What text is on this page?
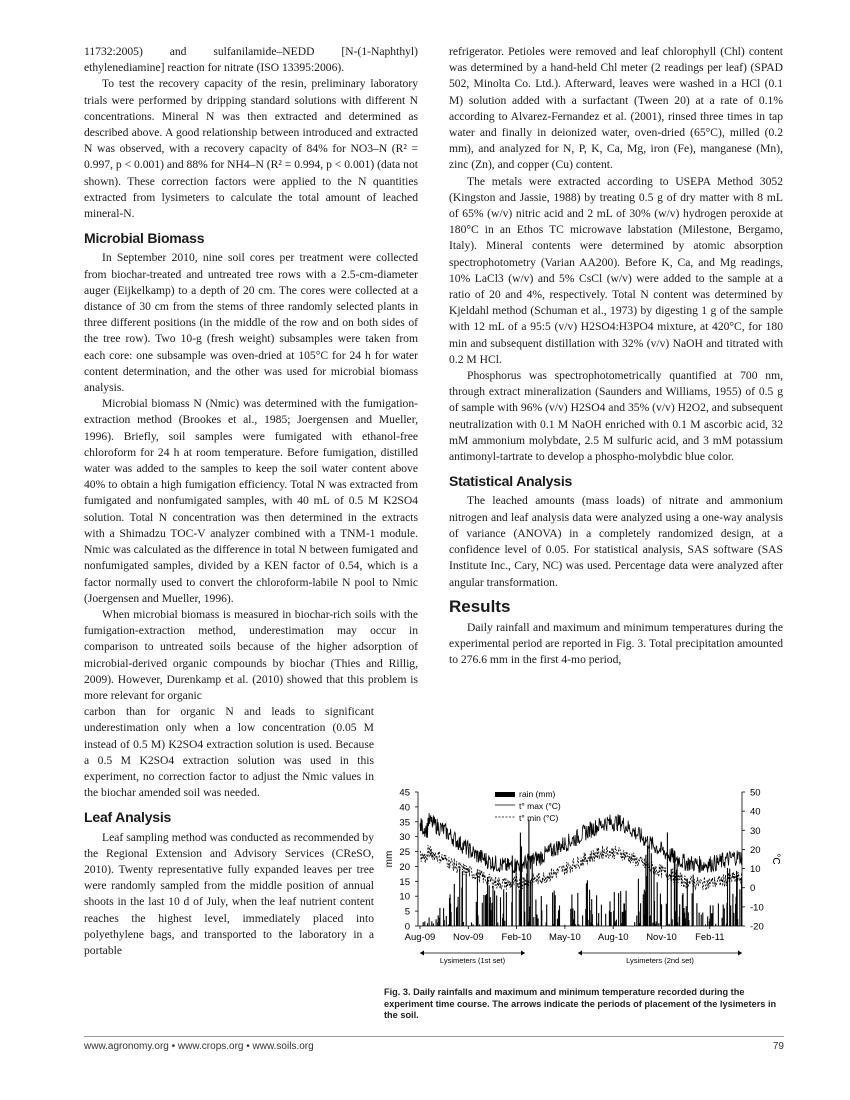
11732:2005) and sulfanilamide–NEDD [N-(1-Naphthyl) ethylenediamine] reaction for nitrate (ISO 13395:2006).

To test the recovery capacity of the resin, preliminary laboratory trials were performed by dripping standard solutions with different N concentrations. Mineral N was then extracted and determined as described above. A good relationship between introduced and extracted N was observed, with a recovery capacity of 84% for NO3–N (R² = 0.997, p < 0.001) and 88% for NH4–N (R² = 0.994, p < 0.001) (data not shown). These correction factors were applied to the N quantities extracted from lysimeters to calculate the total amount of leached mineral-N.

Microbial Biomass

In September 2010, nine soil cores per treatment were collected from biochar-treated and untreated tree rows with a 2.5-cm-diameter auger (Eijkelkamp) to a depth of 20 cm. The cores were collected at a distance of 30 cm from the stems of three randomly selected plants in three different positions (in the middle of the row and on both sides of the tree row). Two 10-g (fresh weight) subsamples were taken from each core: one subsample was oven-dried at 105°C for 24 h for water content determination, and the other was used for microbial biomass analysis.

Microbial biomass N (Nmic) was determined with the fumigation-extraction method (Brookes et al., 1985; Joergensen and Mueller, 1996). Briefly, soil samples were fumigated with ethanol-free chloroform for 24 h at room temperature. Before fumigation, distilled water was added to the samples to keep the soil water content above 40% to obtain a high fumigation efficiency. Total N was extracted from fumigated and nonfumigated samples, with 40 mL of 0.5 M K2SO4 solution. Total N concentration was then determined in the extracts with a Shimadzu TOC-V analyzer combined with a TNM-1 module. Nmic was calculated as the difference in total N between fumigated and nonfumigated samples, divided by a KEN factor of 0.54, which is a factor normally used to convert the chloroform-labile N pool to Nmic (Joergensen and Mueller, 1996).

When microbial biomass is measured in biochar-rich soils with the fumigation-extraction method, underestimation may occur in comparison to untreated soils because of the higher adsorption of microbial-derived organic compounds by biochar (Thies and Rillig, 2009). However, Durenkamp et al. (2010) showed that this problem is more relevant for organic

carbon than for organic N and leads to significant underestimation only when a low concentration (0.05 M instead of 0.5 M) K2SO4 extraction solution is used. Because a 0.5 M K2SO4 extraction solution was used in this experiment, no correction factor to adjust the Nmic values in the biochar amended soil was needed.

Leaf Analysis

Leaf sampling method was conducted as recommended by the Regional Extension and Advisory Services (CReSO, 2010). Twenty representative fully expanded leaves per tree were randomly sampled from the middle position of annual shoots in the last 10 d of July, when the leaf nutrient content reaches the highest level, immediately placed into polyethylene bags, and transported to the laboratory in a portable

refrigerator. Petioles were removed and leaf chlorophyll (Chl) content was determined by a hand-held Chl meter (2 readings per leaf) (SPAD 502, Minolta Co. Ltd.). Afterward, leaves were washed in a HCl (0.1 M) solution added with a surfactant (Tween 20) at a rate of 0.1% according to Alvarez-Fernandez et al. (2001), rinsed three times in tap water and finally in deionized water, oven-dried (65°C), milled (0.2 mm), and analyzed for N, P, K, Ca, Mg, iron (Fe), manganese (Mn), zinc (Zn), and copper (Cu) content.

The metals were extracted according to USEPA Method 3052 (Kingston and Jassie, 1988) by treating 0.5 g of dry matter with 8 mL of 65% (w/v) nitric acid and 2 mL of 30% (w/v) hydrogen peroxide at 180°C in an Ethos TC microwave labstation (Milestone, Bergamo, Italy). Mineral contents were determined by atomic absorption spectrophotometry (Varian AA200). Before K, Ca, and Mg readings, 10% LaCl3 (w/v) and 5% CsCl (w/v) were added to the sample at a ratio of 20 and 4%, respectively. Total N content was determined by Kjeldahl method (Schuman et al., 1973) by digesting 1 g of the sample with 12 mL of a 95:5 (v/v) H2SO4:H3PO4 mixture, at 420°C, for 180 min and subsequent distillation with 32% (v/v) NaOH and titrated with 0.2 M HCl.

Phosphorus was spectrophotometrically quantified at 700 nm, through extract mineralization (Saunders and Williams, 1955) of 0.5 g of sample with 96% (v/v) H2SO4 and 35% (v/v) H2O2, and subsequent neutralization with 0.1 M NaOH enriched with 0.1 M ascorbic acid, 32 mM ammonium molybdate, 2.5 M sulfuric acid, and 3 mM potassium antimonyl-tartrate to develop a phospho-molybdic blue color.

Statistical Analysis

The leached amounts (mass loads) of nitrate and ammonium nitrogen and leaf analysis data were analyzed using a one-way analysis of variance (ANOVA) in a completely randomized design, at a confidence level of 0.05. For statistical analysis, SAS software (SAS Institute Inc., Cary, NC) was used. Percentage data were analyzed after angular transformation.

Results

Daily rainfall and maximum and minimum temperatures during the experimental period are reported in Fig. 3. Total precipitation amounted to 276.6 mm in the first 4-mo period,

0
5
10
15
20
25
30
35
40
45
-20
-10
0
10
20
30
40
50
mm	°C
Aug-09 Nov-09 Feb-10 May-10 Aug-10 Nov-10 Feb-11
rain (mm)
t° max (°C)
t° min (°C)
Lysimeters (1st set)	Lysimeters (2nd set)
Fig. 3. Daily rainfalls and maximum and minimum temperature recorded during the experiment time course. The arrows indicate the periods of placement of the lysimeters in the soil.
www.agronomy.org • www.crops.org • www.soils.org	79
